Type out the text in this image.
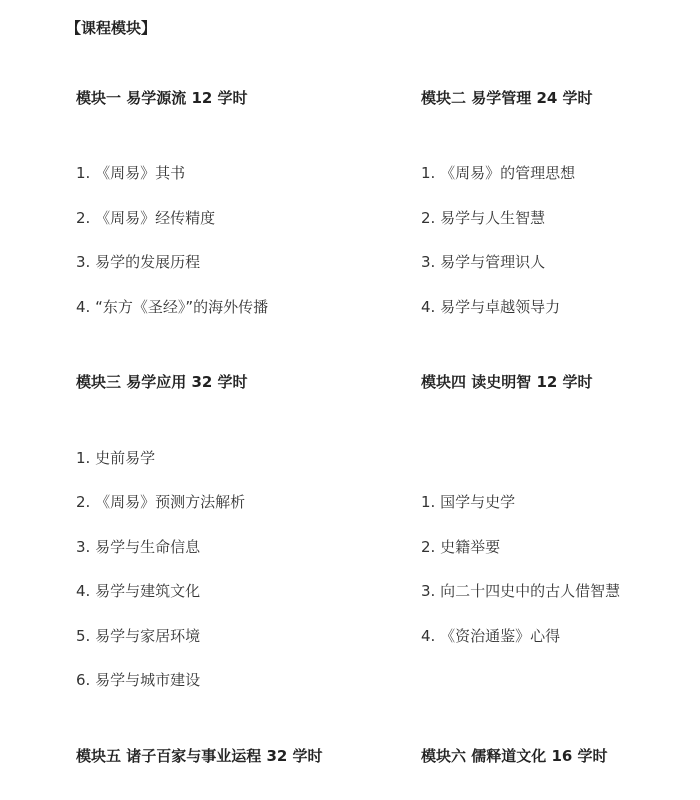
【课程模块】
模块一 易学源流 12 学时
1. 《周易》其书
2. 《周易》经传精度
3. 易学的发展历程
4. “东方《圣经》”的海外传播
模块二 易学管理 24 学时
1. 《周易》的管理思想
2. 易学与人生智慧
3. 易学与管理识人
4. 易学与卓越领导力
模块三 易学应用 32 学时
1. 史前易学
2. 《周易》预测方法解析
3. 易学与生命信息
4. 易学与建筑文化
5. 易学与家居环境
6. 易学与城市建设
模块四 读史明智 12 学时
1. 国学与史学
2. 史籍举要
3. 向二十四史中的古人借智慧
4. 《资治通鉴》心得
模块五 诸子百家与事业运程 32 学时	模块六 儒释道文化 16 学时
